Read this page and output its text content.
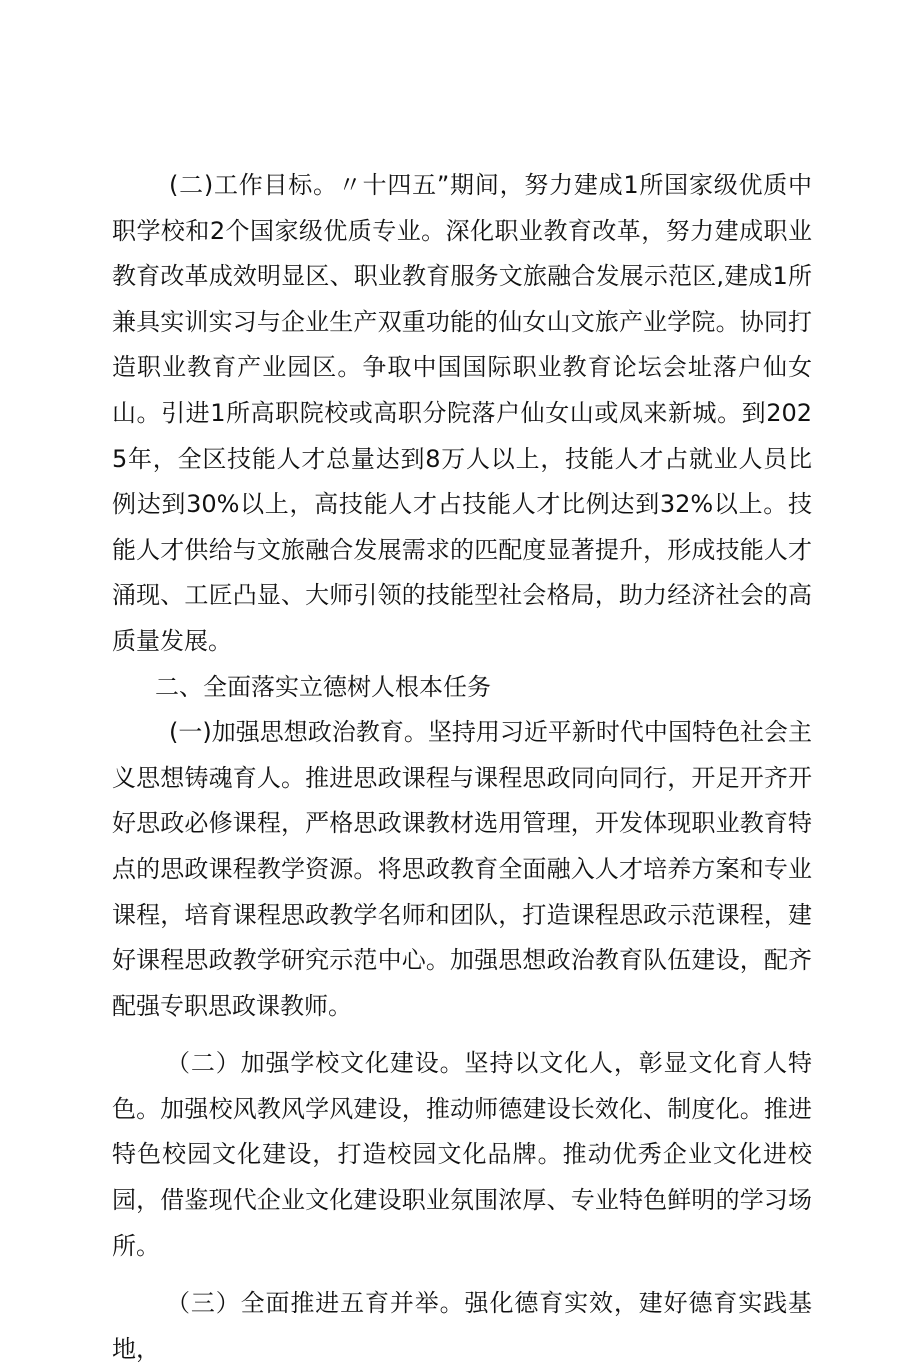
(二)工作目标。〃十四五”期间，努力建成1所国家级优质中职学校和2个国家级优质专业。深化职业教育改革，努力建成职业教育改革成效明显区、职业教育服务文旅融合发展示范区,建成1所兼具实训实习与企业生产双重功能的仙女山文旅产业学院。协同打造职业教育产业园区。争取中国国际职业教育论坛会址落户仙女山。引进1所高职院校或高职分院落户仙女山或凤来新城。到2025年，全区技能人才总量达到8万人以上，技能人才占就业人员比例达到30%以上，高技能人才占技能人才比例达到32%以上。技能人才供给与文旅融合发展需求的匹配度显著提升，形成技能人才涌现、工匠凸显、大师引领的技能型社会格局，助力经济社会的高质量发展。

二、全面落实立德树人根本任务

(一)加强思想政治教育。坚持用习近平新时代中国特色社会主义思想铸魂育人。推进思政课程与课程思政同向同行，开足开齐开好思政必修课程，严格思政课教材选用管理，开发体现职业教育特点的思政课程教学资源。将思政教育全面融入人才培养方案和专业课程，培育课程思政教学名师和团队，打造课程思政示范课程，建好课程思政教学研究示范中心。加强思想政治教育队伍建设，配齐配强专职思政课教师。

（二）加强学校文化建设。坚持以文化人，彰显文化育人特色。加强校风教风学风建设，推动师德建设长效化、制度化。推进特色校园文化建设，打造校园文化品牌。推动优秀企业文化进校园，借鉴现代企业文化建设职业氛围浓厚、专业特色鲜明的学习场所。

（三）全面推进五育并举。强化德育实效，建好德育实践基地，
